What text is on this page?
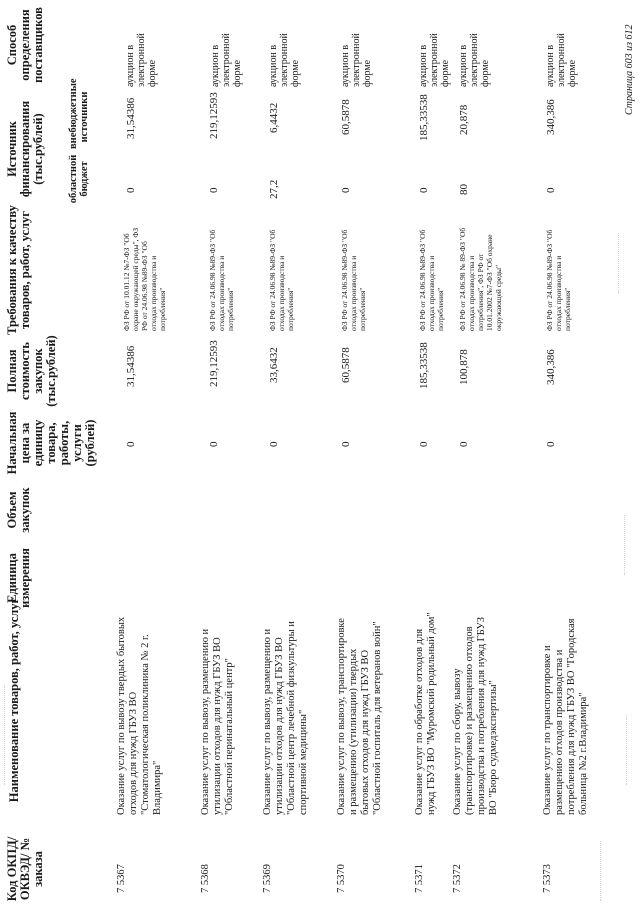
Код ОКПД/ ОКВЭД/ № заказа
Наименование товаров, работ, услуг
Единица измерения
Объем закупок
Начальная цена за единицу товара, работы, услуги (рублей)
Полная стоимость закупок (тыс.рублей)
Требования к качеству товаров, работ, услуг
Источник финансирования (тыс.рублей) областной бюджет
внебюджетные источники
Способ определения поставщиков
7 5367
Оказание услуг по вывозу твердых бытовых отходов для нужд ГБУЗ ВО "Стоматологическая поликлиника № 2 г. Владимира"
0
31,54386
ФЗ РФ от 10.01.12 №7-ФЗ "Об охране окружающей среды", ФЗ РФ от 24.06.98 №89-ФЗ "Об отходах производства и потребления"
0
31,54386
аукцион в электронной форме
7 5368
Оказание услуг по вывозу, размещению и утилизации отходов для нужд ГБУЗ ВО "Областной перинатальный центр"
0
219,12593
ФЗ РФ от 24.06.98 №89-ФЗ "Об отходах производства и потребления"
0
219,12593
аукцион в электронной форме
7 5369
Оказание услуг по вывозу, размещению и утилизации отходов для нужд ГБУЗ ВО "Областной центр лечебной физкультуры и спортивной медицины"
0
33,6432
ФЗ РФ от 24.06.98 №89-ФЗ "Об отходах производства и потребления"
27,2
6,4432
аукцион в электронной форме
7 5370
Оказание услуг по вывозу, транспортировке и размещению (утилизации) твердых бытовых отходов для нужд ГБУЗ ВО "Областной госпиталь для ветеранов войн"
0
60,5878
ФЗ РФ от 24.06.98 №89-ФЗ "Об отходах производства и потребления"
0
60,5878
аукцион в электронной форме
7 5371
Оказание услуг по обработке отходов для нужд ГБУЗ ВО "Муромский родильный дом"
0
185,33538
ФЗ РФ от 24.06.98 №89-ФЗ "Об отходах производства и потребления"
0
185,33538
аукцион в электронной форме
7 5372
Оказание услуг по сбору, вывозу (транспортировке) и размещению отходов производства и потребления для нужд ГБУЗ ВО "Бюро судмедэкспертизы"
0
100,878
ФЗ РФ от 24.06.98 № 89-ФЗ "Об отходах производства и потребления", ФЗ РФ от 10.01.2002 №7-ФЗ "Об охране окружающей среды"
80
20,878
аукцион в электронной форме
7 5373
Оказание услуг по транспортировке и размещению отходов производства и потребления для нужд ГБУЗ ВО "Городская больница №2 г.Владимира"
0
340,386
ФЗ РФ от 24.06.98 №89-ФЗ "Об отходах производства и потребления"
0
340,386
аукцион в электронной форме	Страница 603 из 612
